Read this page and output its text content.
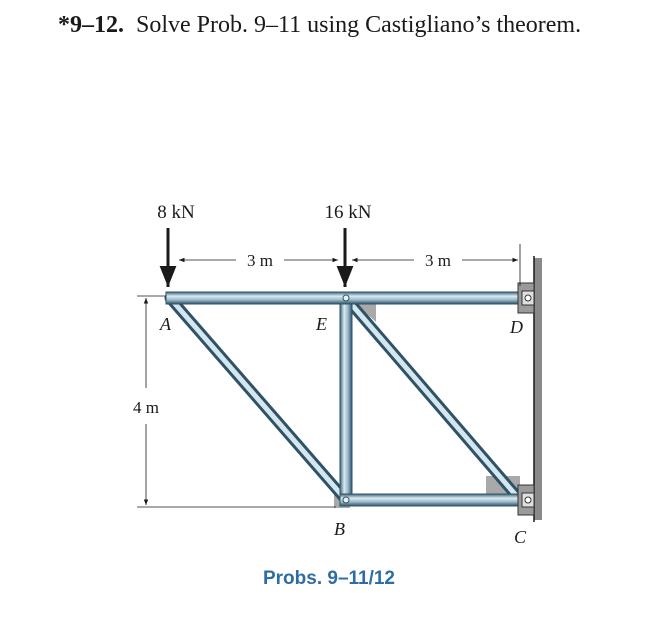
*9–12. Solve Prob. 9–11 using Castigliano’s theorem.
8 kN	16 kN
3 m	3 m
4 m
A	E	D
B	C
Probs. 9–11/12
